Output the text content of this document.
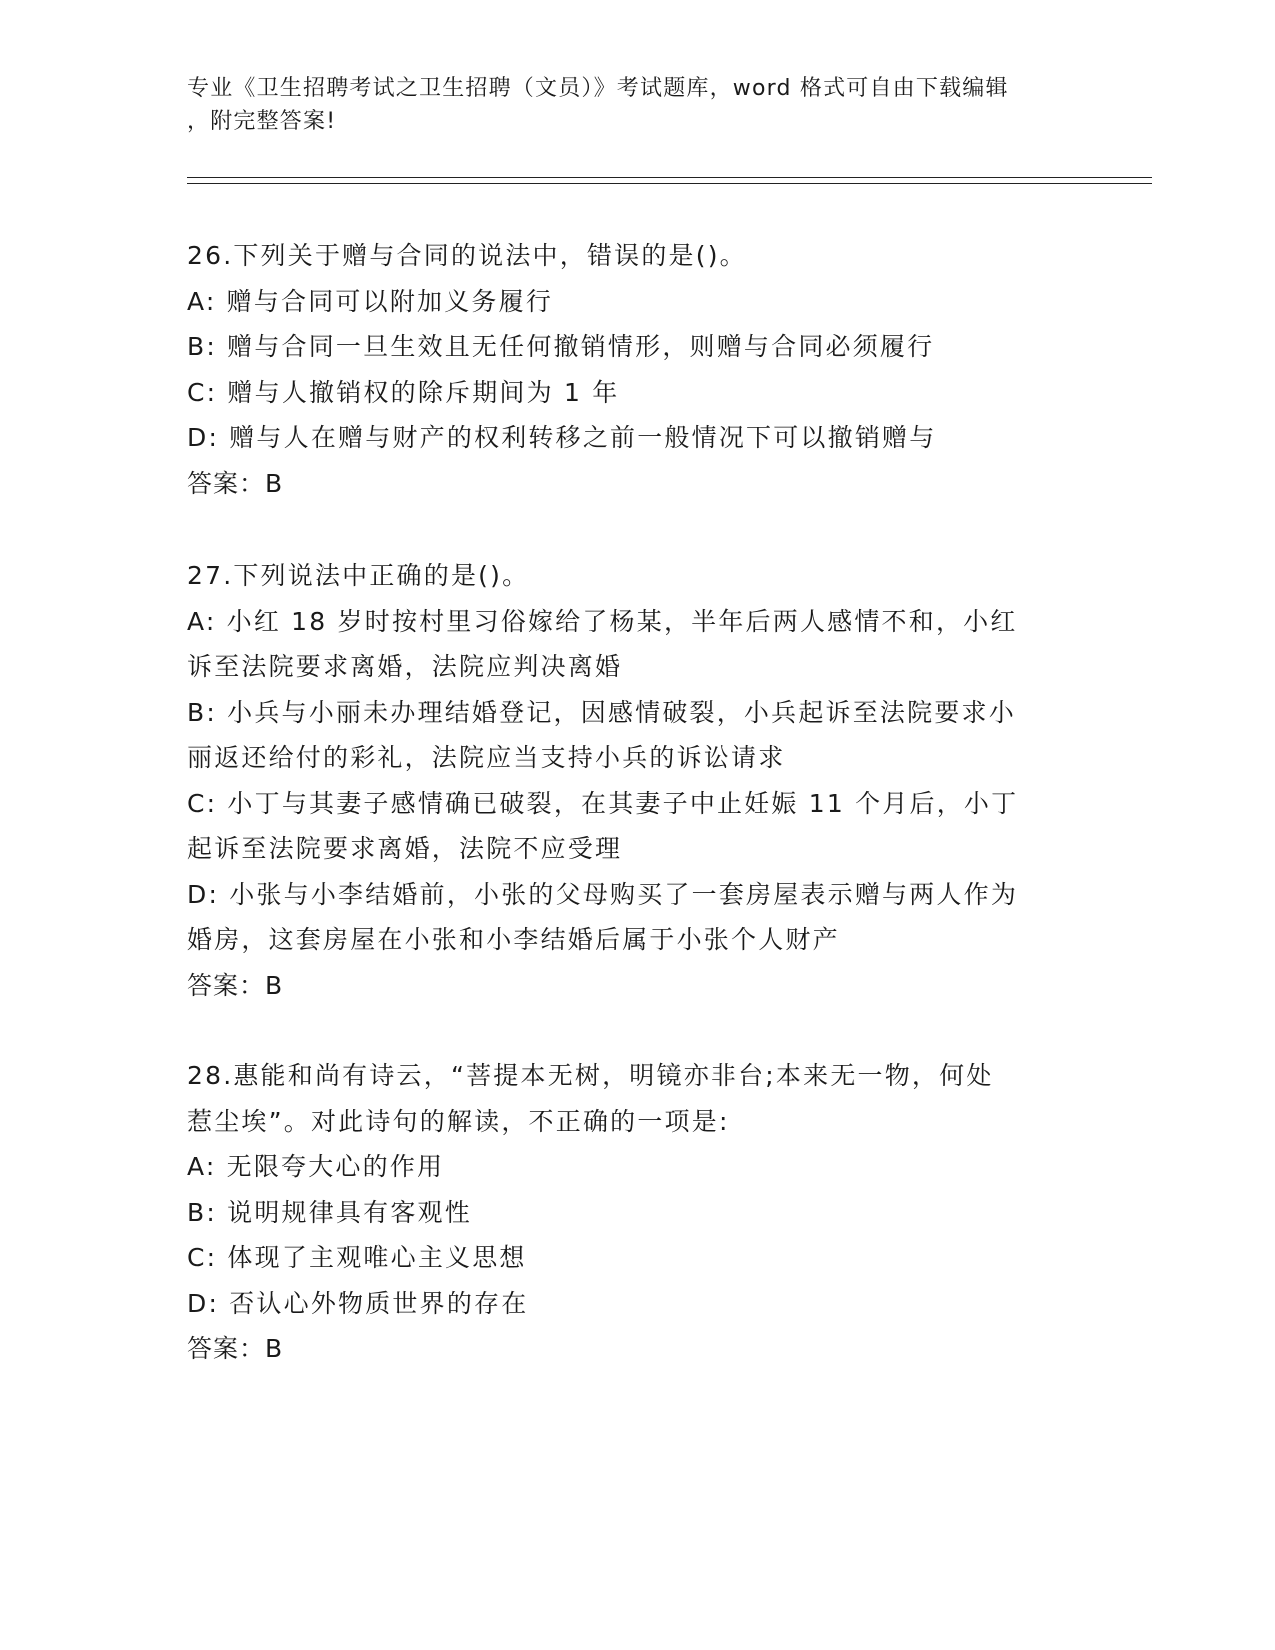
专业《卫生招聘考试之卫生招聘（文员）》考试题库，word 格式可自由下载编辑
，附完整答案!
26.下列关于赠与合同的说法中，错误的是()。
A: 赠与合同可以附加义务履行
B: 赠与合同一旦生效且无任何撤销情形，则赠与合同必须履行
C: 赠与人撤销权的除斥期间为 1 年
D: 赠与人在赠与财产的权利转移之前一般情况下可以撤销赠与
答案：B
27.下列说法中正确的是()。
A: 小红 18 岁时按村里习俗嫁给了杨某，半年后两人感情不和，小红
诉至法院要求离婚，法院应判决离婚
B: 小兵与小丽未办理结婚登记，因感情破裂，小兵起诉至法院要求小
丽返还给付的彩礼，法院应当支持小兵的诉讼请求
C: 小丁与其妻子感情确已破裂，在其妻子中止妊娠 11 个月后，小丁
起诉至法院要求离婚，法院不应受理
D: 小张与小李结婚前，小张的父母购买了一套房屋表示赠与两人作为
婚房，这套房屋在小张和小李结婚后属于小张个人财产
答案：B
28.惠能和尚有诗云，“菩提本无树，明镜亦非台;本来无一物，何处
惹尘埃”。对此诗句的解读，不正确的一项是:
A: 无限夸大心的作用
B: 说明规律具有客观性
C: 体现了主观唯心主义思想
D: 否认心外物质世界的存在
答案：B
